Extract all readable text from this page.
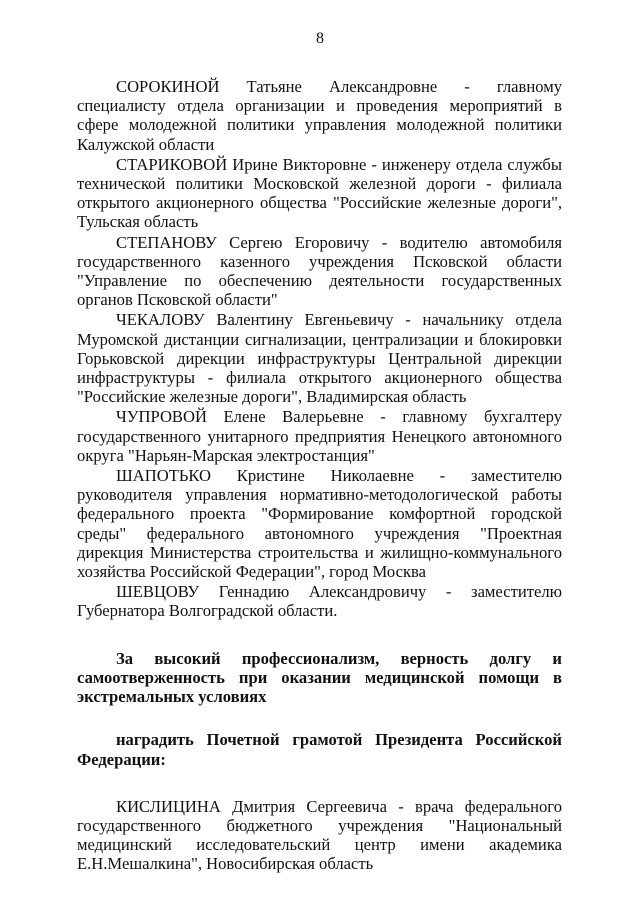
8

СОРОКИНОЙ Татьяне Александровне - главному специалисту отдела организации и проведения мероприятий в сфере молодежной политики управления молодежной политики Калужской области

СТАРИКОВОЙ Ирине Викторовне - инженеру отдела службы технической политики Московской железной дороги - филиала открытого акционерного общества "Российские железные дороги", Тульская область

СТЕПАНОВУ Сергею Егоровичу - водителю автомобиля государственного казенного учреждения Псковской области "Управление по обеспечению деятельности государственных органов Псковской области"

ЧЕКАЛОВУ Валентину Евгеньевичу - начальнику отдела Муромской дистанции сигнализации, централизации и блокировки Горьковской дирекции инфраструктуры Центральной дирекции инфраструктуры - филиала открытого акционерного общества "Российские железные дороги", Владимирская область

ЧУПРОВОЙ Елене Валерьевне - главному бухгалтеру государственного унитарного предприятия Ненецкого автономного округа "Нарьян-Марская электростанция"

ШАПОТЬКО Кристине Николаевне - заместителю руководителя управления нормативно-методологической работы федерального проекта "Формирование комфортной городской среды" федерального автономного учреждения "Проектная дирекция Министерства строительства и жилищно-коммунального хозяйства Российской Федерации", город Москва

ШЕВЦОВУ Геннадию Александровичу - заместителю Губернатора Волгоградской области.

За высокий профессионализм, верность долгу и самоотверженность при оказании медицинской помощи в экстремальных условиях

наградить Почетной грамотой Президента Российской Федерации:

КИСЛИЦИНА Дмитрия Сергеевича - врача федерального государственного бюджетного учреждения "Национальный медицинский исследовательский центр имени академика Е.Н.Мешалкина", Новосибирская область
